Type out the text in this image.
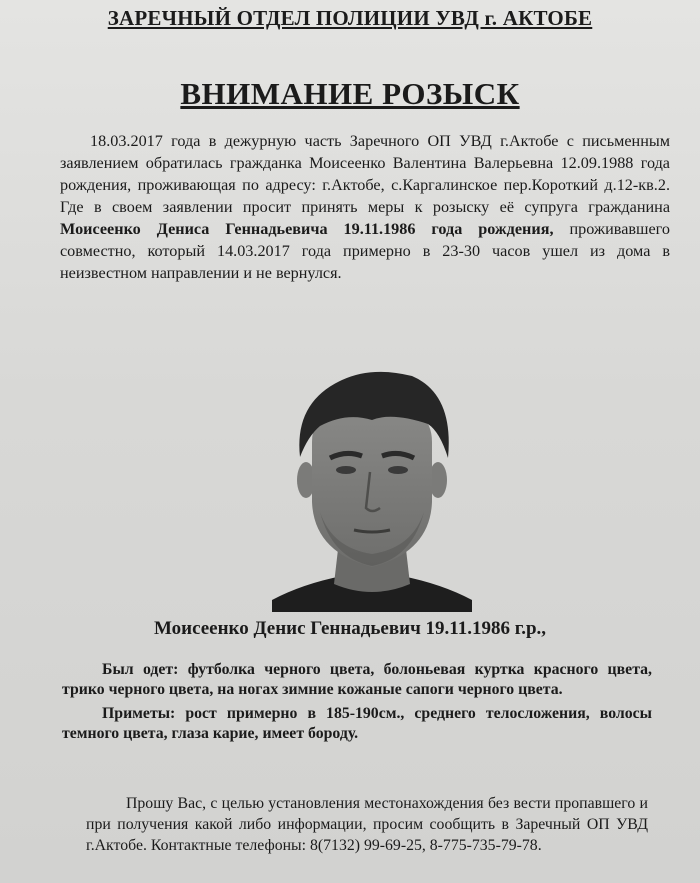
ЗАРЕЧНЫЙ ОТДЕЛ ПОЛИЦИИ УВД г. АКТОБЕ
ВНИМАНИЕ РОЗЫСК

18.03.2017 года в дежурную часть Заречного ОП УВД г.Актобе с письменным заявлением обратилась гражданка Моисеенко Валентина Валерьевна 12.09.1988 года рождения, проживающая по адресу: г.Актобе, с.Каргалинское пер.Короткий д.12-кв.2. Где в своем заявлении просит принять меры к розыску её супруга гражданина Моисеенко Дениса Геннадьевича 19.11.1986 года рождения, проживавшего совместно, который 14.03.2017 года примерно в 23-30 часов ушел из дома в неизвестном направлении и не вернулся.

Моисеенко Денис Геннадьевич 19.11.1986 г.р.,

Был одет: футболка черного цвета, болоньевая куртка красного цвета, трико черного цвета, на ногах зимние кожаные сапоги черного цвета.

Приметы: рост примерно в 185-190см., среднего телосложения, волосы темного цвета, глаза карие, имеет бороду.

Прошу Вас, с целью установления местонахождения без вести пропавшего и при получения какой либо информации, просим сообщить в Заречный ОП УВД г.Актобе. Контактные телефоны: 8(7132) 99-69-25, 8-775-735-79-78.
